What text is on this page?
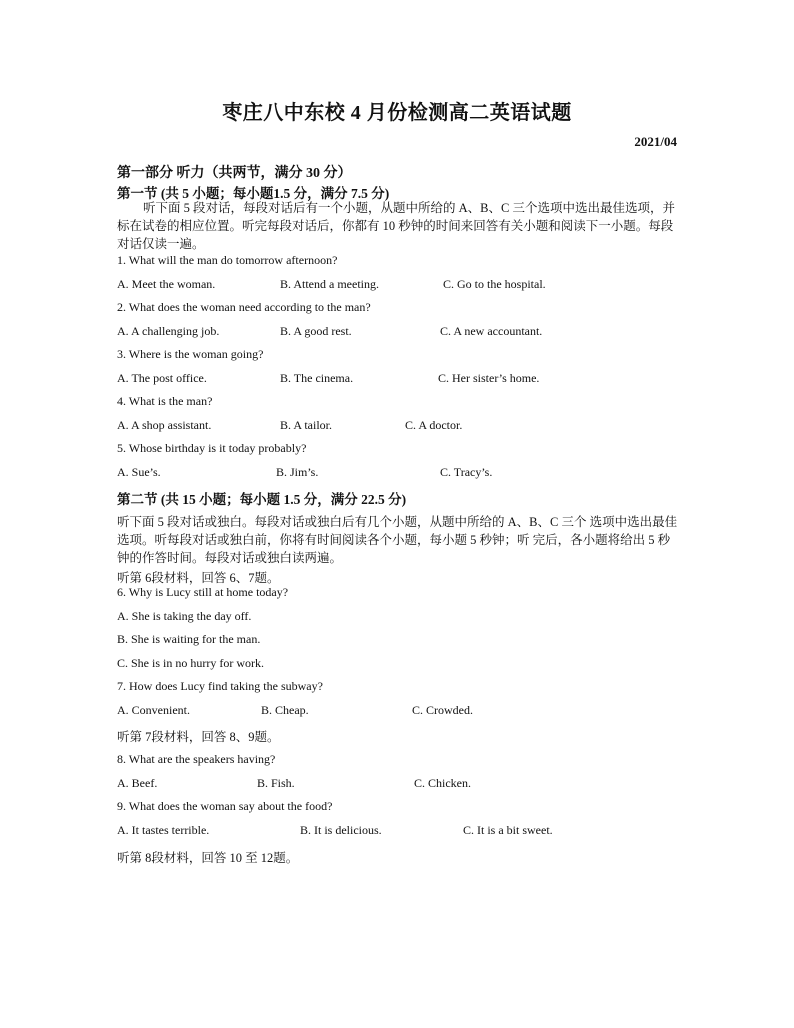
枣庄八中东校 4 月份检测高二英语试题
2021/04
第一部分 听力（共两节，满分 30 分）
第一节 (共 5 小题；每小题1.5 分，满分 7.5 分)
听下面 5 段对话，每段对话后有一个小题，从题中所给的 A、B、C 三个选项中选出最佳选项，并标在试卷的相应位置。听完每段对话后，你都有 10 秒钟的时间来回答有关小题和阅读下一小题。每段对话仅读一遍。
1. What will the man do tomorrow afternoon?
A. Meet the woman.	B. Attend a meeting.	C. Go to the hospital.
2. What does the woman need according to the man?
A. A challenging job.	B. A good rest.	C. A new accountant.
3. Where is the woman going?
A. The post office.	B. The cinema.	C. Her sister’s home.
4. What is the man?
A. A shop assistant.	B. A tailor.	C. A doctor.
5. Whose birthday is it today probably?
A. Sue’s.	B. Jim’s.	C. Tracy’s.
第二节 (共 15 小题；每小题 1.5 分，满分 22.5 分)
听下面 5 段对话或独白。每段对话或独白后有几个小题，从题中所给的 A、B、C 三个 选项中选出最佳选项。听每段对话或独白前，你将有时间阅读各个小题，每小题 5 秒钟；听 完后，各小题将给出 5 秒钟的作答时间。每段对话或独白读两遍。
听第 6段材料，回答 6、7题。
6. Why is Lucy still at home today?
A. She is taking the day off.
B. She is waiting for the man.
C. She is in no hurry for work.
7. How does Lucy find taking the subway?
A. Convenient.	B. Cheap.	C. Crowded.
听第 7段材料，回答 8、9题。
8. What are the speakers having?
A. Beef.	B. Fish.	C. Chicken.
9. What does the woman say about the food?
A. It tastes terrible.	B. It is delicious.	C. It is a bit sweet.
听第 8段材料，回答 10 至 12题。
